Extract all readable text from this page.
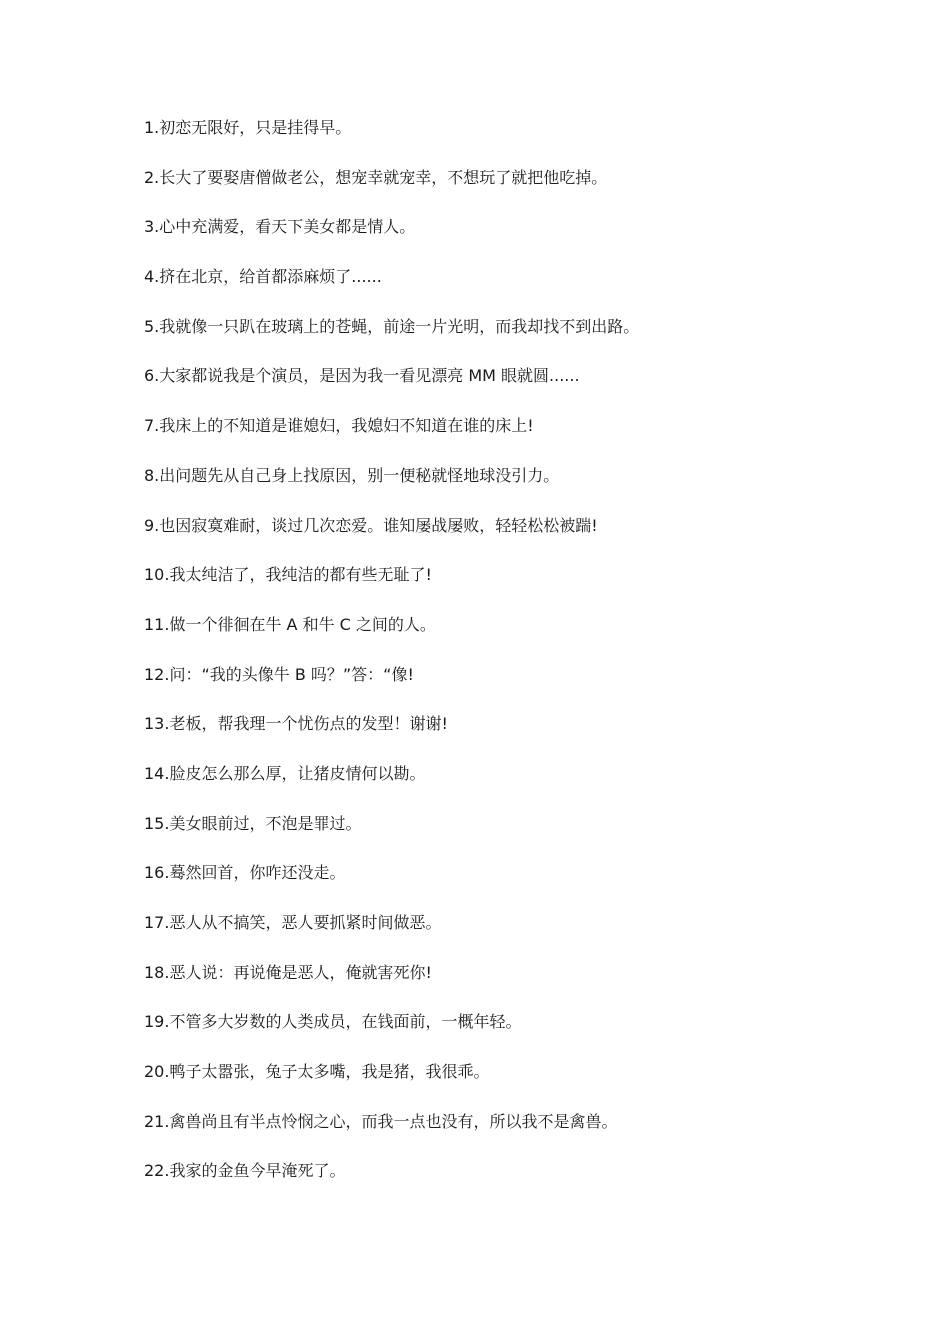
1.初恋无限好，只是挂得早。
2.长大了要娶唐僧做老公，想宠幸就宠幸，不想玩了就把他吃掉。
3.心中充满爱，看天下美女都是情人。
4.挤在北京，给首都添麻烦了......
5.我就像一只趴在玻璃上的苍蝇，前途一片光明，而我却找不到出路。
6.大家都说我是个演员，是因为我一看见漂亮 MM 眼就圆......
7.我床上的不知道是谁媳妇，我媳妇不知道在谁的床上!
8.出问题先从自己身上找原因，别一便秘就怪地球没引力。
9.也因寂寞难耐，谈过几次恋爱。谁知屡战屡败，轻轻松松被踹!
10.我太纯洁了，我纯洁的都有些无耻了!
11.做一个徘徊在牛 A 和牛 C 之间的人。
12.问：“我的头像牛 B 吗？”答：“像!
13.老板，帮我理一个忧伤点的发型！谢谢!
14.脸皮怎么那么厚，让猪皮情何以勘。
15.美女眼前过，不泡是罪过。
16.蓦然回首，你咋还没走。
17.恶人从不搞笑，恶人要抓紧时间做恶。
18.恶人说：再说俺是恶人，俺就害死你!
19.不管多大岁数的人类成员，在钱面前，一概年轻。
20.鸭子太嚣张，兔子太多嘴，我是猪，我很乖。
21.禽兽尚且有半点怜悯之心，而我一点也没有，所以我不是禽兽。
22.我家的金鱼今早淹死了。
